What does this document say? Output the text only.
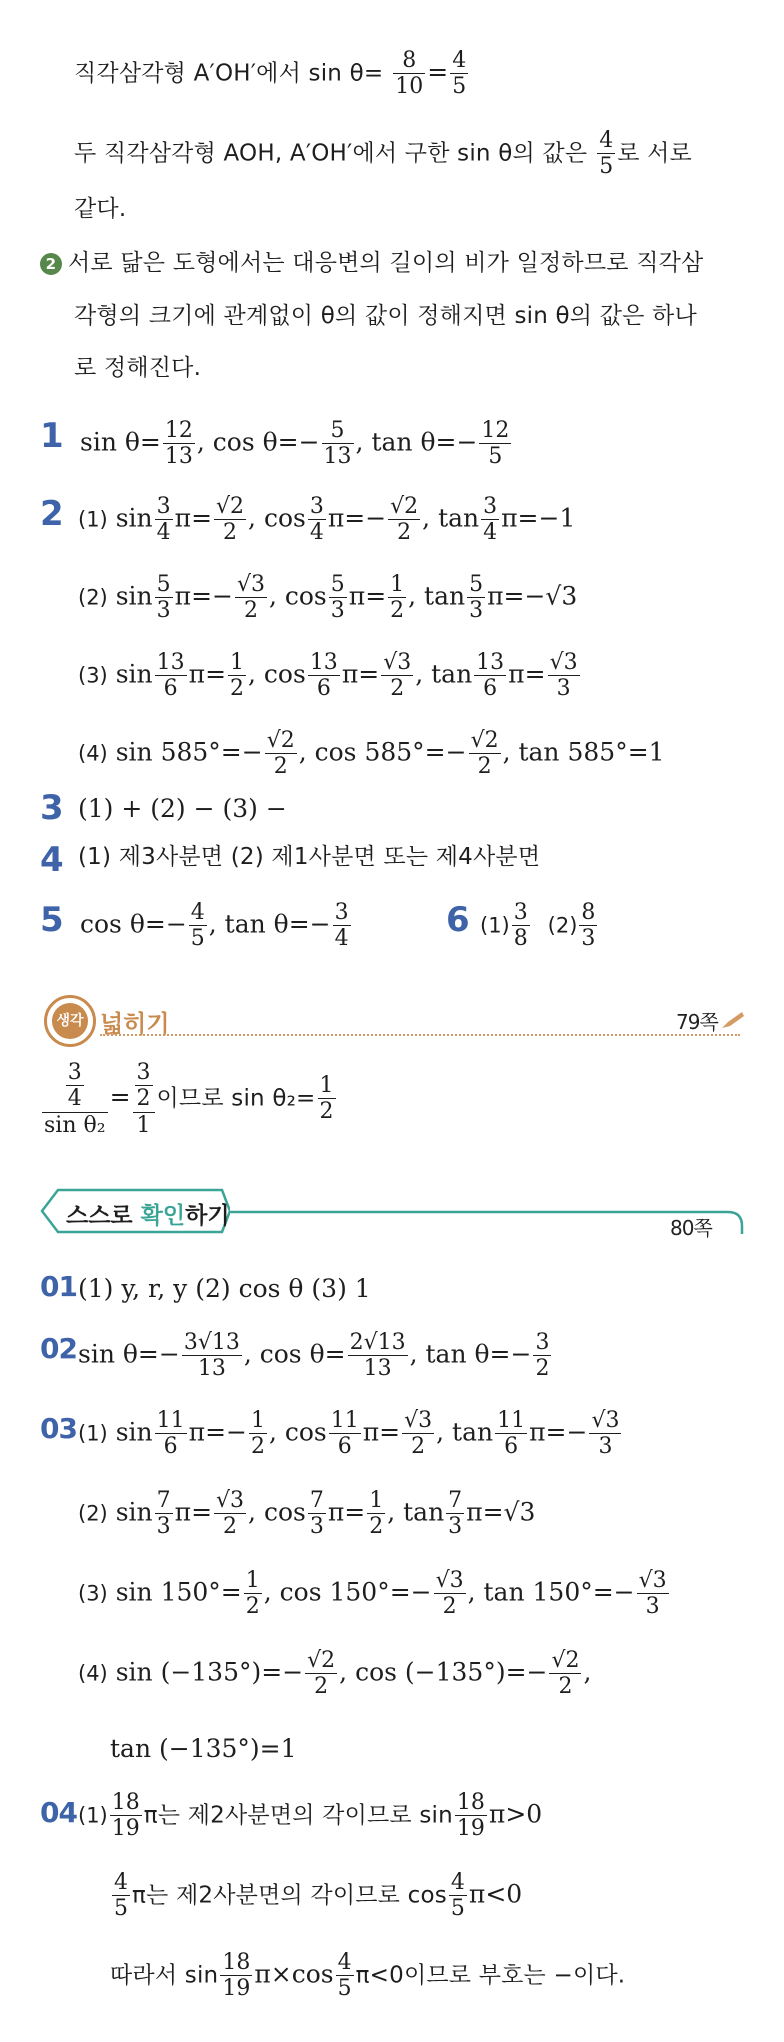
직각삼각형 A′OH′에서 $\sin \theta= \frac{8}{10} = \frac{4}{5}$
두 직각삼각형 AOH, A′OH′에서 구한 sin θ의 값은 $\frac{4}{5}$ 로 서로
같다.
2 서로 닮은 도형에서는 대응변의 길이의 비가 일정하므로 직각삼
각형의 크기에 관계없이 θ의 값이 정해지면 sin θ의 값은 하나
로 정해진다.
1 $\sin \theta= \frac{12}{13}$ , $\cos \theta=- \frac{5}{13}$ , $\tan \theta=- \frac{12}{5}$
2 (1) $\sin \frac{3}{4} \pi= \frac{√2}{2}$ , $\cos \frac{3}{4} \pi=- \frac{√2}{2}$ , $\tan \frac{3}{4} \pi=-1$
(2) $\sin \frac{5}{3} \pi=- \frac{√3}{2}$ , $\cos \frac{5}{3} \pi= \frac{1}{2}$ , $\tan \frac{5}{3} \pi=-√3$
(3) $\sin \frac{13}{6} \pi= \frac{1}{2}$ , $\cos \frac{13}{6} \pi= \frac{√3}{2}$ , $\tan \frac{13}{6} \pi= \frac{√3}{3}$
(4) $\sin 585^\circ=- \frac{√2}{2}$ , $\cos 585^\circ=- \frac{√2}{2}$ , tan 585°=1
3 (1) + (2) − (3) −
4 (1) 제3사분면 (2) 제1사분면 또는 제4사분면
5 $\cos \theta=- \frac{4}{5}$ , $\tan \theta=- \frac{3}{4}$	6 $(1) \frac{3}{8} (2) \frac{8}{3}$
생각 넓히기	79쪽
$\frac{\frac{3}{4}}{\text{sin θ₂}} = \frac{\frac{3}{2}}{1}$ 이므로 $\sin \theta_2= \frac{1}{2}$
스스로 확인하기	80쪽
01 (1) y, r, y (2) cos θ (3) 1
02 $\sin \theta=- \frac{3√13}{13}$ , $\cos \theta= \frac{2√13}{13}$ , $\tan \theta=- \frac{3}{2}$
03 (1) $\sin \frac{11}{6} \pi=- \frac{1}{2}$ , $\cos \frac{11}{6} \pi= \frac{√3}{2}$ , $\tan \frac{11}{6} \pi=- \frac{√3}{3}$
(2) $\sin \frac{7}{3} \pi= \frac{√3}{2}$ , $\cos \frac{7}{3} \pi= \frac{1}{2}$ , $\tan \frac{7}{3} \pi=√3$
(3) $\sin 150^\circ= \frac{1}{2}$ , $\cos 150^\circ=- \frac{√3}{2}$ , $\tan 150^\circ=- \frac{√3}{3}$
(4) $\sin (-135^\circ)=- \frac{√2}{2}$ , $\cos (-135^\circ)=- \frac{√2}{2}$ ,
tan (−135°)=1
04 $(1) \frac{18}{19}$ π는 제2사분면의 각이므로 $\sin \frac{18}{19} \pi>0$
$\frac{4}{5}$ π는 제2사분면의 각이므로 $\cos \frac{4}{5} \pi<0$
따라서 $\sin \frac{18}{19} \pi\times\cos \frac{4}{5} \pi<0$이므로 부호는 −이다.
